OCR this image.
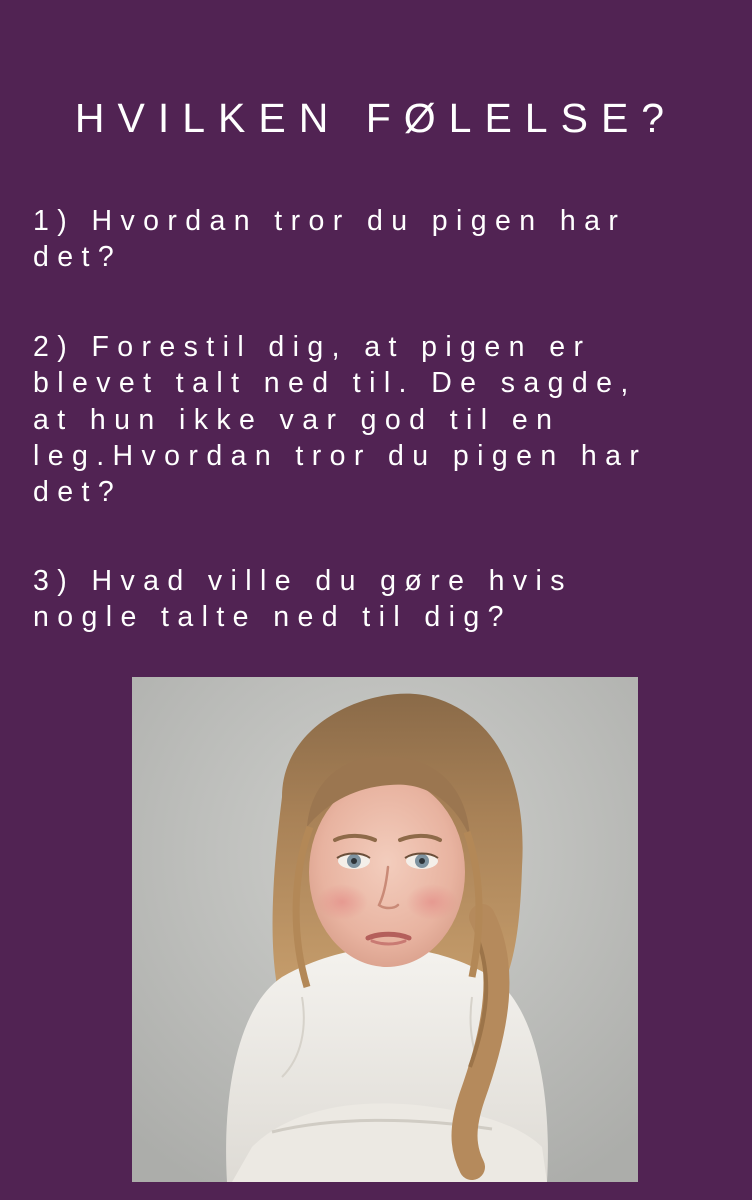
HVILKEN FØLELSE?

1) Hvordan tror du pigen har
det?

2) Forestil dig, at pigen er
blevet talt ned til. De sagde,
at hun ikke var god til en
leg.Hvordan tror du pigen har
det?

3) Hvad ville du gøre hvis
nogle talte ned til dig?
